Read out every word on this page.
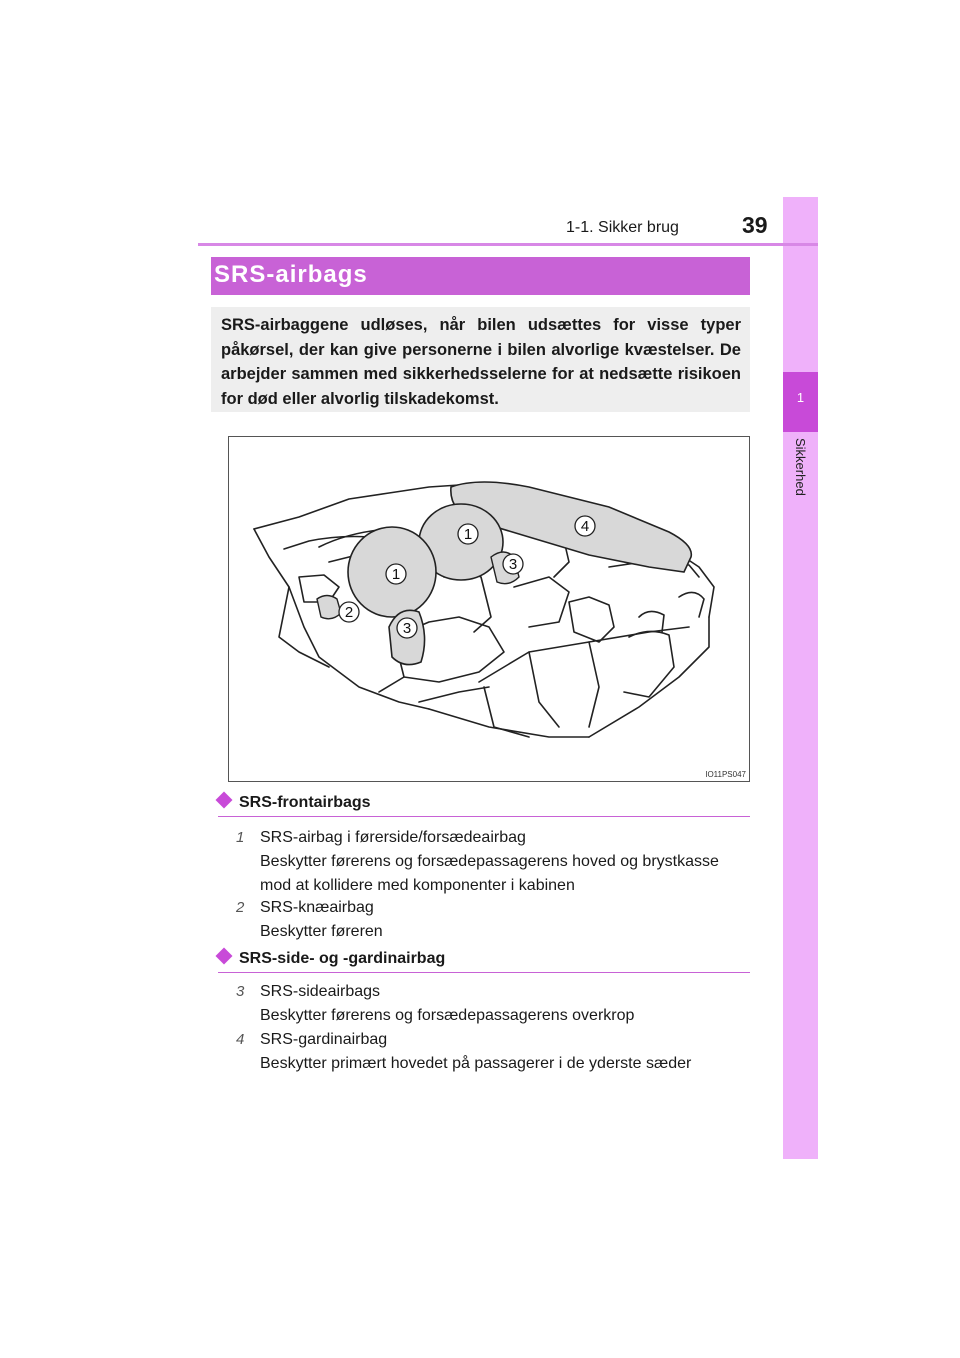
1
Sikkerhed
1-1. Sikker brug	39
SRS-airbags
SRS-airbaggene udløses, når bilen udsættes for visse typer påkørsel, der kan give personerne i bilen alvorlige kvæstelser. De arbejder sammen med sikkerhedsselerne for at nedsætte risikoen for død eller alvorlig tilskadekomst.
1
1
2
3
3
4
IO11PS047
SRS-frontairbags
1 SRS-airbag i førerside/forsædeairbag
Beskytter førerens og forsædepassagerens hoved og brystkasse
mod at kollidere med komponenter i kabinen
2 SRS-knæairbag
Beskytter føreren
SRS-side- og -gardinairbag
3 SRS-sideairbags
Beskytter førerens og forsædepassagerens overkrop
4 SRS-gardinairbag
Beskytter primært hovedet på passagerer i de yderste sæder
